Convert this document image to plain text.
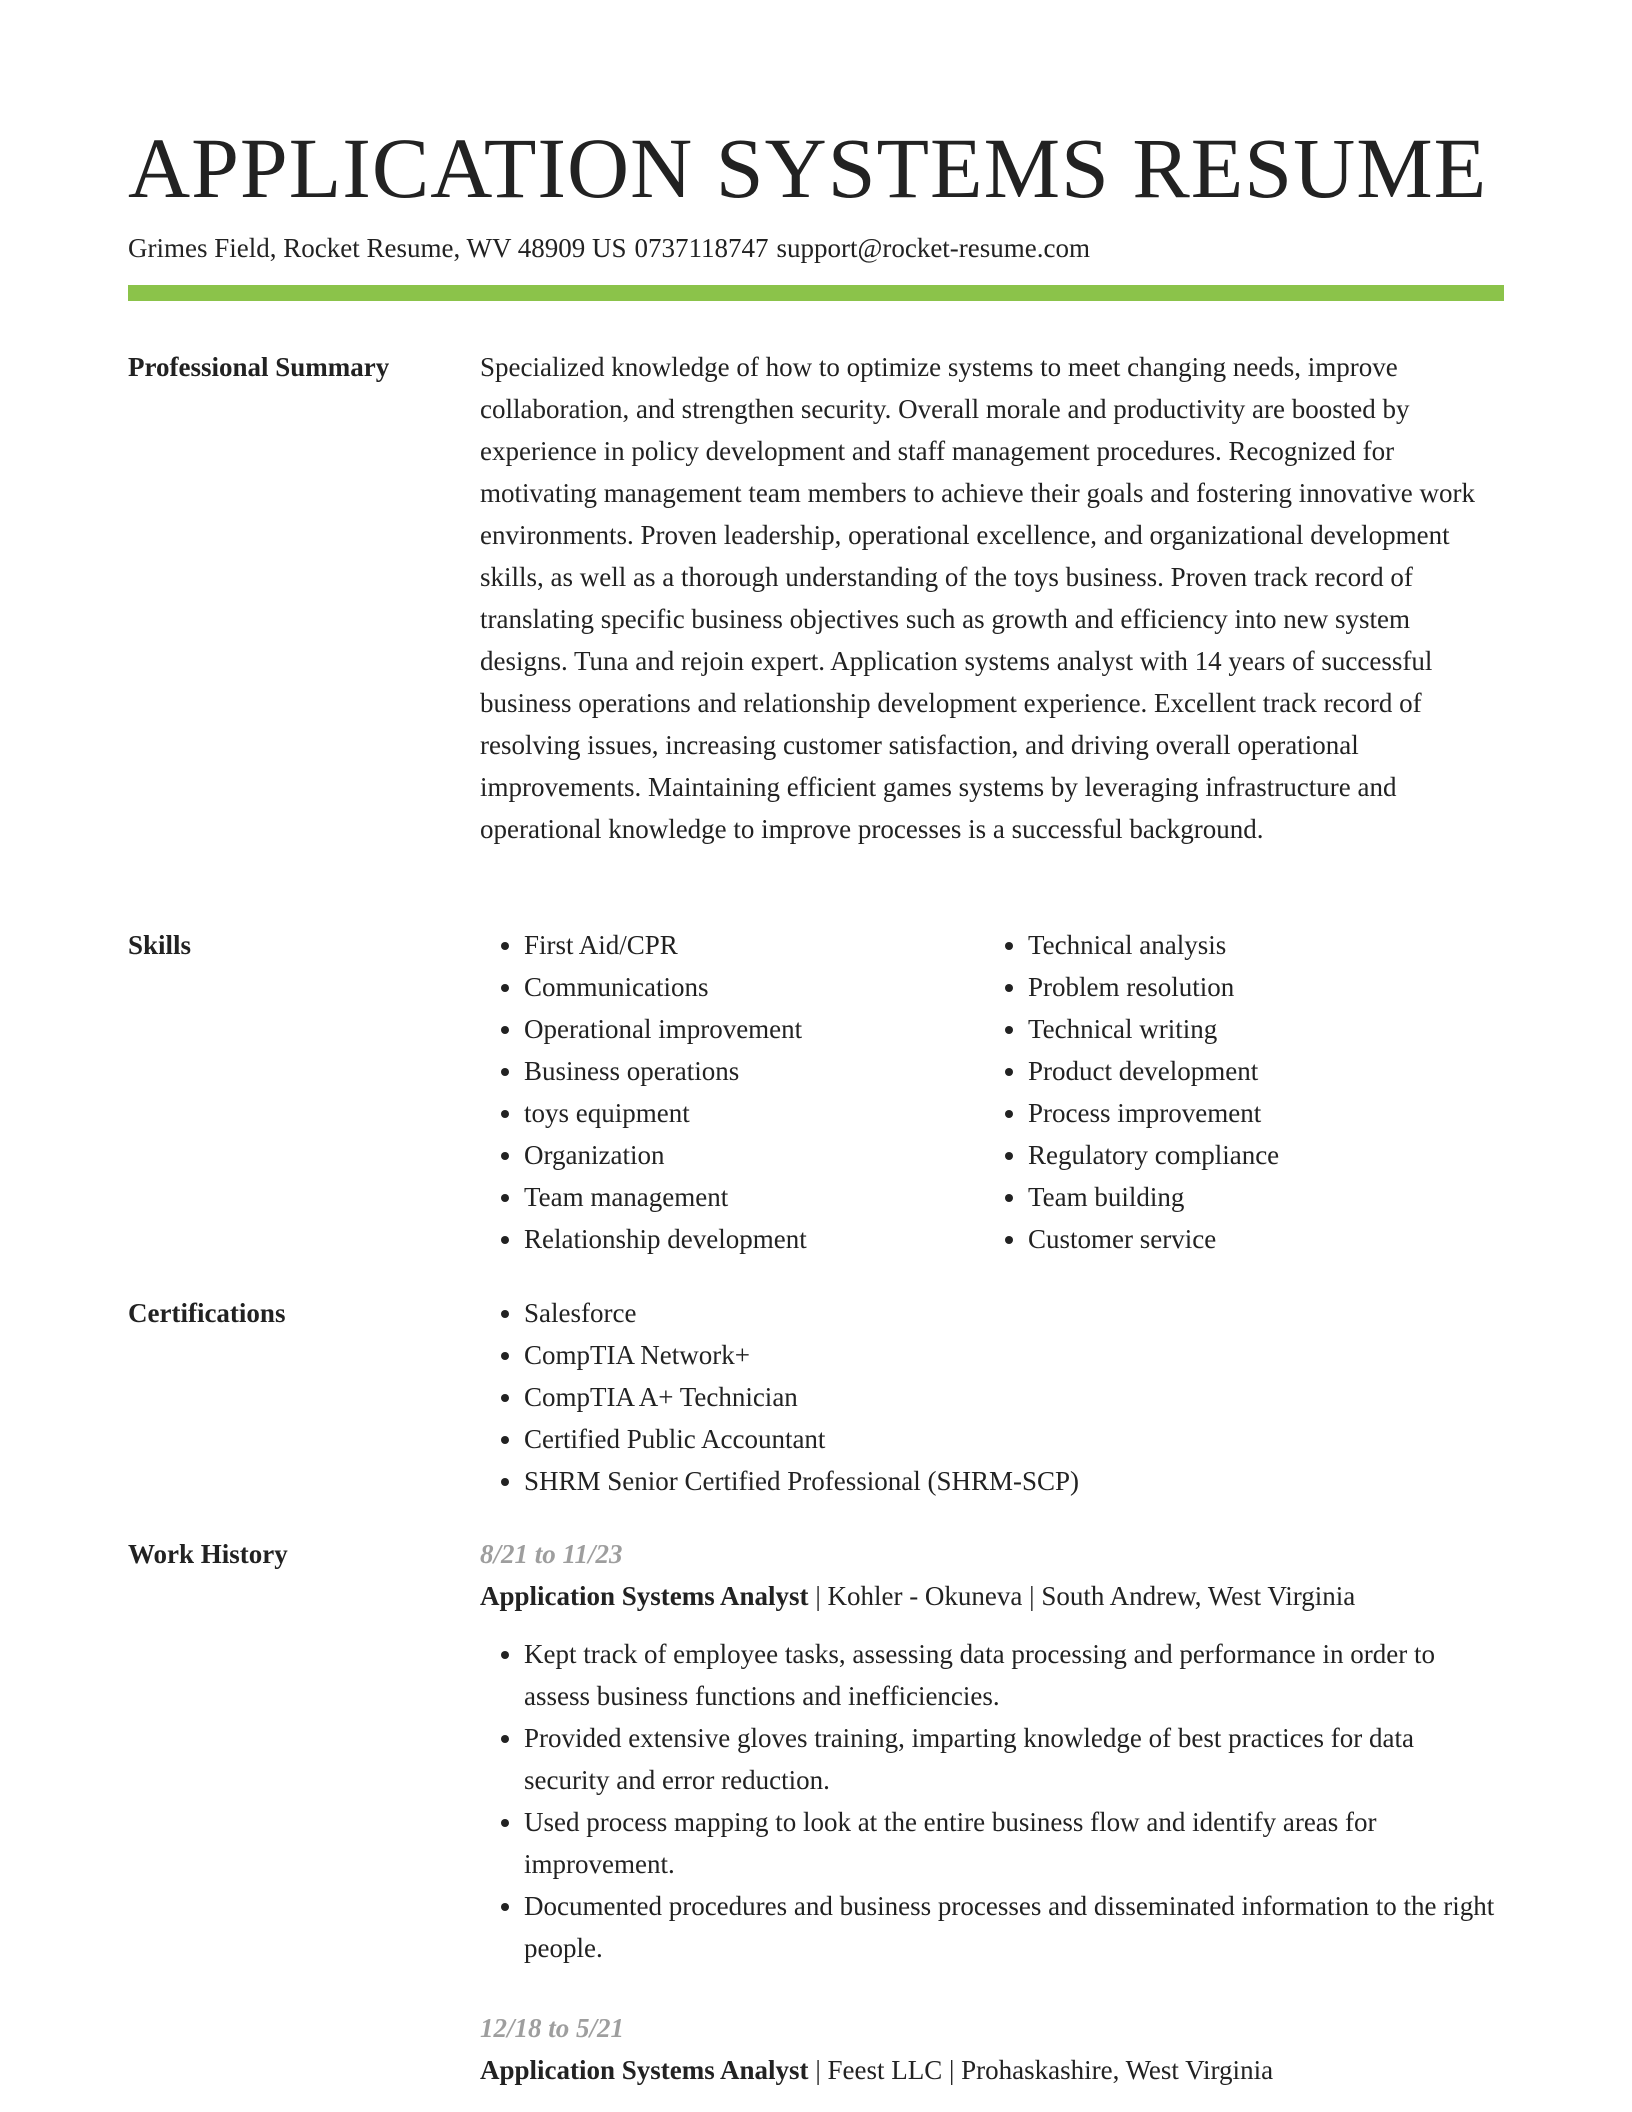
APPLICATION SYSTEMS RESUME
Grimes Field, Rocket Resume, WV 48909 US 0737118747 support@rocket-resume.com
Professional Summary	Specialized knowledge of how to optimize systems to meet changing needs, improve collaboration, and strengthen security. Overall morale and productivity are boosted by experience in policy development and staff management procedures. Recognized for motivating management team members to achieve their goals and fostering innovative work environments. Proven leadership, operational excellence, and organizational development skills, as well as a thorough understanding of the toys business. Proven track record of translating specific business objectives such as growth and efficiency into new system designs. Tuna and rejoin expert. Application systems analyst with 14 years of successful business operations and relationship development experience. Excellent track record of resolving issues, increasing customer satisfaction, and driving overall operational improvements. Maintaining efficient games systems by leveraging infrastructure and operational knowledge to improve processes is a successful background.

Skills	• First Aid/CPR
• Communications
• Operational improvement
• Business operations
• toys equipment
• Organization
• Team management
• Relationship development
• Technical analysis
• Problem resolution
• Technical writing
• Product development
• Process improvement
• Regulatory compliance
• Team building
• Customer service
Certifications	• Salesforce
• CompTIA Network+
• CompTIA A+ Technician
• Certified Public Accountant
• SHRM Senior Certified Professional (SHRM-SCP)
Work History	8/21 to 11/23
Application Systems Analyst | Kohler - Okuneva | South Andrew, West Virginia
• Kept track of employee tasks, assessing data processing and performance in order to assess business functions and inefficiencies.
• Provided extensive gloves training, imparting knowledge of best practices for data security and error reduction.
• Used process mapping to look at the entire business flow and identify areas for improvement.
• Documented procedures and business processes and disseminated information to the right people.
12/18 to 5/21
Application Systems Analyst | Feest LLC | Prohaskashire, West Virginia
